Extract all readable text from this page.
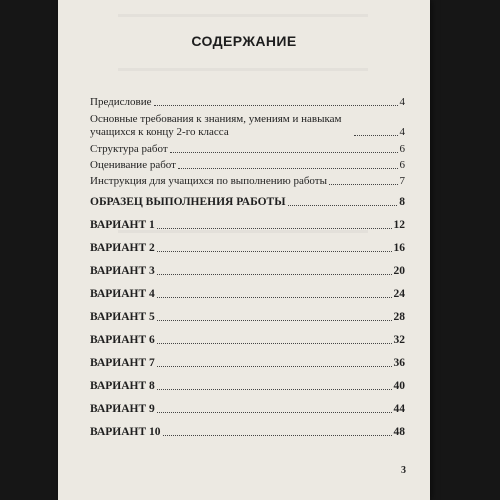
СОДЕРЖАНИЕ
Предисловие	4
Основные требования к знаниям, умениям и навыкам учащихся к концу 2-го класса	4
Структура работ	6
Оценивание работ	6
Инструкция для учащихся по выполнению работы	7
ОБРАЗЕЦ ВЫПОЛНЕНИЯ РАБОТЫ	8
ВАРИАНТ 1	12
ВАРИАНТ 2	16
ВАРИАНТ 3	20
ВАРИАНТ 4	24
ВАРИАНТ 5	28
ВАРИАНТ 6	32
ВАРИАНТ 7	36
ВАРИАНТ 8	40
ВАРИАНТ 9	44
ВАРИАНТ 10	48
3
